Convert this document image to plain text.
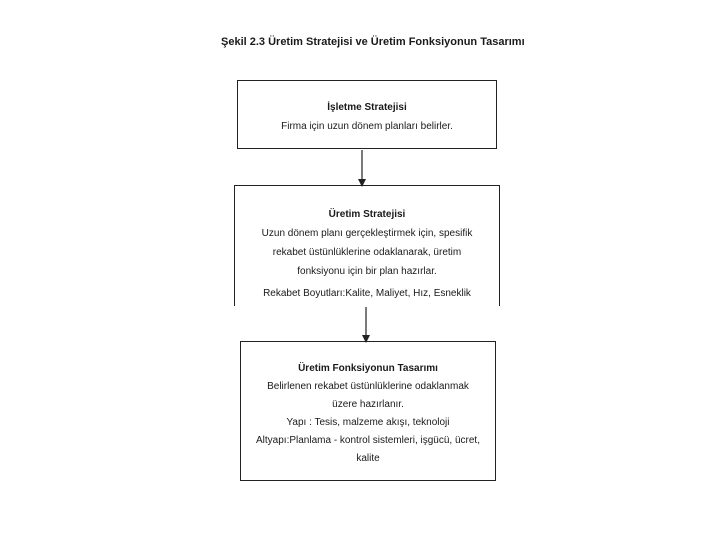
Şekil 2.3 Üretim Stratejisi ve Üretim Fonksiyonun Tasarımı
İşletme Stratejisi
Firma için uzun dönem planları belirler.
Üretim Stratejisi
Uzun dönem planı gerçekleştirmek için, spesifik
rekabet üstünlüklerine odaklanarak, üretim
fonksiyonu için bir plan hazırlar.
Rekabet Boyutları:Kalite, Maliyet, Hız, Esneklik
Üretim Fonksiyonun Tasarımı
Belirlenen rekabet üstünlüklerine odaklanmak
üzere hazırlanır.
Yapı : Tesis, malzeme akışı, teknoloji
Altyapı:Planlama - kontrol sistemleri, işgücü, ücret,
kalite
